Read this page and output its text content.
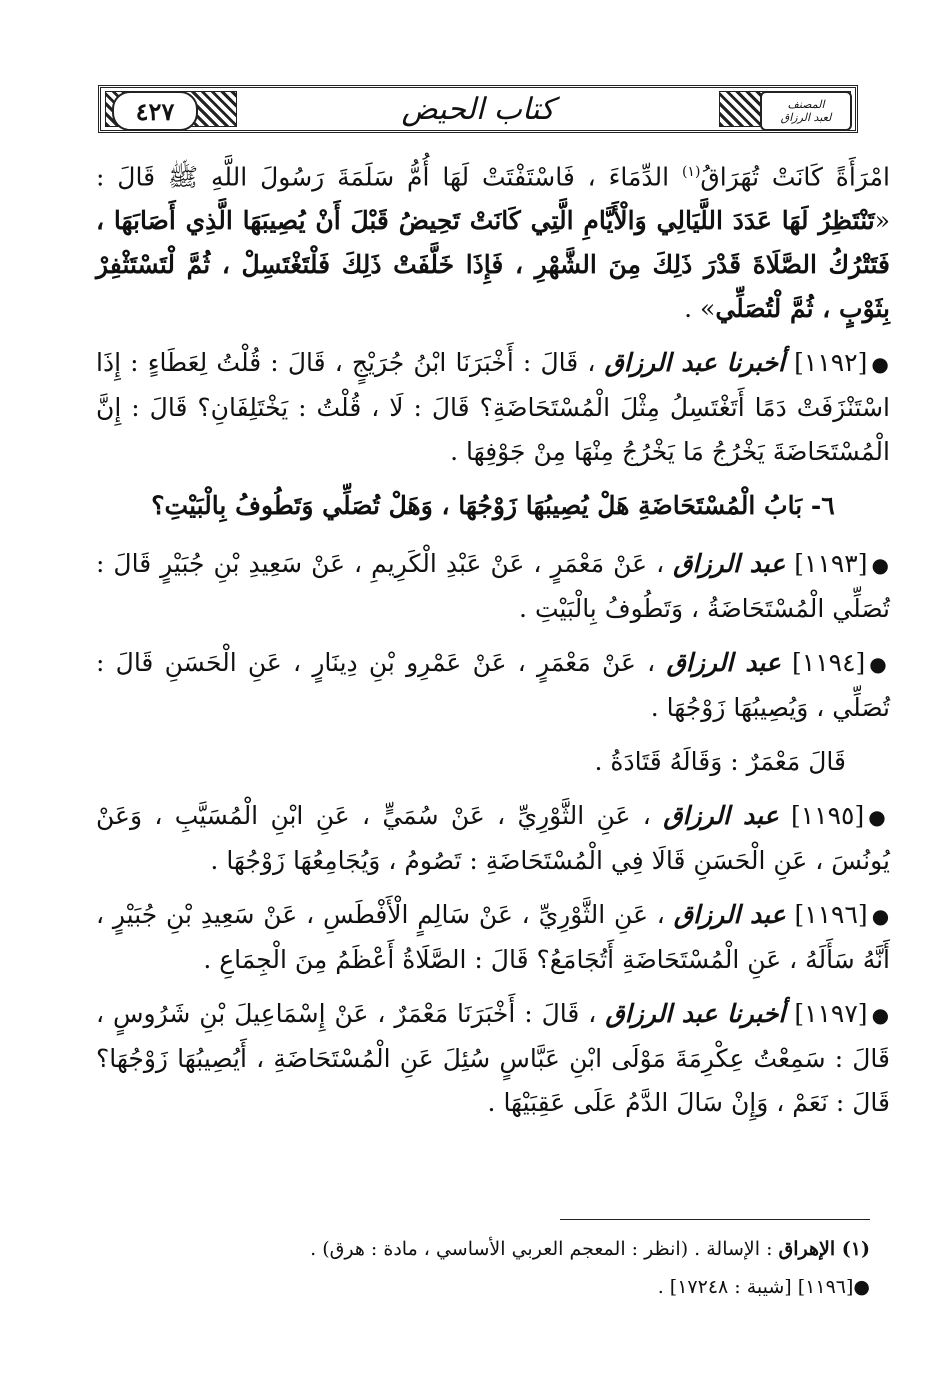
كتاب الحيض
٤٢٧	المصنف
لعبد الرزاق

امْرَأَةً كَانَتْ تُهَرَاقُ$^{(١)}$ الدِّمَاءَ ، فَاسْتَفْتَتْ لَهَا أُمُّ سَلَمَةَ رَسُولَ اللَّهِ ﷺ قَالَ : «تَنْتَظِرُ لَهَا عَدَدَ اللَّيَالِي وَالْأَيَّامِ الَّتِي كَانَتْ تَحِيضُ قَبْلَ أَنْ يُصِيبَهَا الَّذِي أَصَابَهَا ، فَتَتْرُكُ الصَّلَاةَ قَدْرَ ذَلِكَ مِنَ الشَّهْرِ ، فَإِذَا خَلَّفَتْ ذَلِكَ فَلْتَغْتَسِلْ ، ثُمَّ لْتَسْتَثْفِرْ بِثَوْبٍ ، ثُمَّ لْتُصَلِّي» .

●[١١٩٢] أخبرنا عبد الرزاق ، قَالَ : أَخْبَرَنَا ابْنُ جُرَيْجٍ ، قَالَ : قُلْتُ لِعَطَاءٍ : إِذَا اسْتَنْزَفَتْ دَمًا أَتَغْتَسِلُ مِثْلَ الْمُسْتَحَاضَةِ؟ قَالَ : لَا ، قُلْتُ : يَخْتَلِفَانِ؟ قَالَ : إِنَّ الْمُسْتَحَاضَةَ يَخْرُجُ مَا يَخْرُجُ مِنْهَا مِنْ جَوْفِهَا .

٦- بَابُ الْمُسْتَحَاضَةِ هَلْ يُصِيبُهَا زَوْجُهَا ، وَهَلْ تُصَلِّي وَتَطُوفُ بِالْبَيْتِ؟

●[١١٩٣] عبد الرزاق ، عَنْ مَعْمَرٍ ، عَنْ عَبْدِ الْكَرِيمِ ، عَنْ سَعِيدِ بْنِ جُبَيْرٍ قَالَ : تُصَلِّي الْمُسْتَحَاضَةُ ، وَتَطُوفُ بِالْبَيْتِ .

●[١١٩٤] عبد الرزاق ، عَنْ مَعْمَرٍ ، عَنْ عَمْرِو بْنِ دِينَارٍ ، عَنِ الْحَسَنِ قَالَ : تُصَلِّي ، وَيُصِيبُهَا زَوْجُهَا .

قَالَ مَعْمَرٌ : وَقَالَهُ قَتَادَةُ .

●[١١٩٥] عبد الرزاق ، عَنِ الثَّوْرِيِّ ، عَنْ سُمَيٍّ ، عَنِ ابْنِ الْمُسَيَّبِ ، وَعَنْ يُونُسَ ، عَنِ الْحَسَنِ قَالَا فِي الْمُسْتَحَاضَةِ : تَصُومُ ، وَيُجَامِعُهَا زَوْجُهَا .

●[١١٩٦] عبد الرزاق ، عَنِ الثَّوْرِيِّ ، عَنْ سَالِمٍ الْأَفْطَسِ ، عَنْ سَعِيدِ بْنِ جُبَيْرٍ ، أَنَّهُ سَأَلَهُ ، عَنِ الْمُسْتَحَاضَةِ أَتُجَامَعُ؟ قَالَ : الصَّلَاةُ أَعْظَمُ مِنَ الْجِمَاعِ .

●[١١٩٧] أخبرنا عبد الرزاق ، قَالَ : أَخْبَرَنَا مَعْمَرٌ ، عَنْ إِسْمَاعِيلَ بْنِ شَرُوسٍ ، قَالَ : سَمِعْتُ عِكْرِمَةَ مَوْلَى ابْنِ عَبَّاسٍ سُئِلَ عَنِ الْمُسْتَحَاضَةِ ، أَيُصِيبُهَا زَوْجُهَا؟ قَالَ : نَعَمْ ، وَإِنْ سَالَ الدَّمُ عَلَى عَقِبَيْهَا .

(١) الإهراق : الإسالة . (انظر : المعجم العربي الأساسي ، مادة : هرق) .
●[١١٩٦] [شيبة : ١٧٢٤٨] .
